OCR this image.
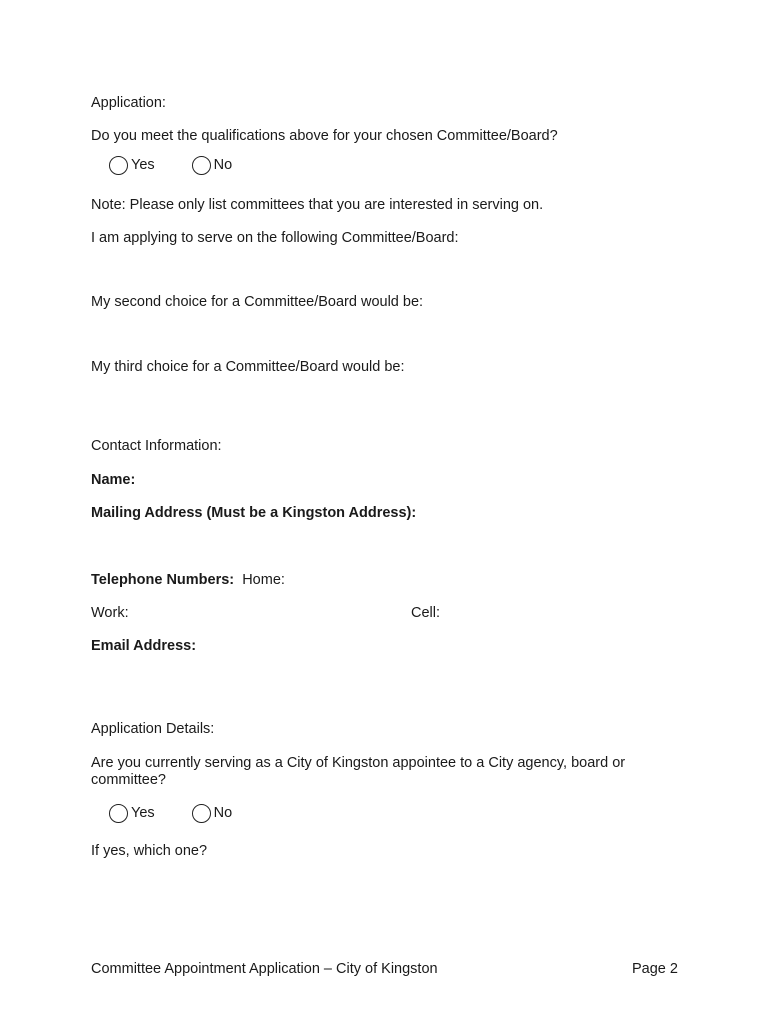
Application:
Do you meet the qualifications above for your chosen Committee/Board?
Yes	No
Note: Please only list committees that you are interested in serving on.
I am applying to serve on the following Committee/Board:
My second choice for a Committee/Board would be:
My third choice for a Committee/Board would be:
Contact Information:
Name:
Mailing Address (Must be a Kingston Address):
Telephone Numbers: Home:
Work:	Cell:
Email Address:
Application Details:
Are you currently serving as a City of Kingston appointee to a City agency, board or committee?
Yes	No
If yes, which one?
Committee Appointment Application – City of Kingston	Page 2
